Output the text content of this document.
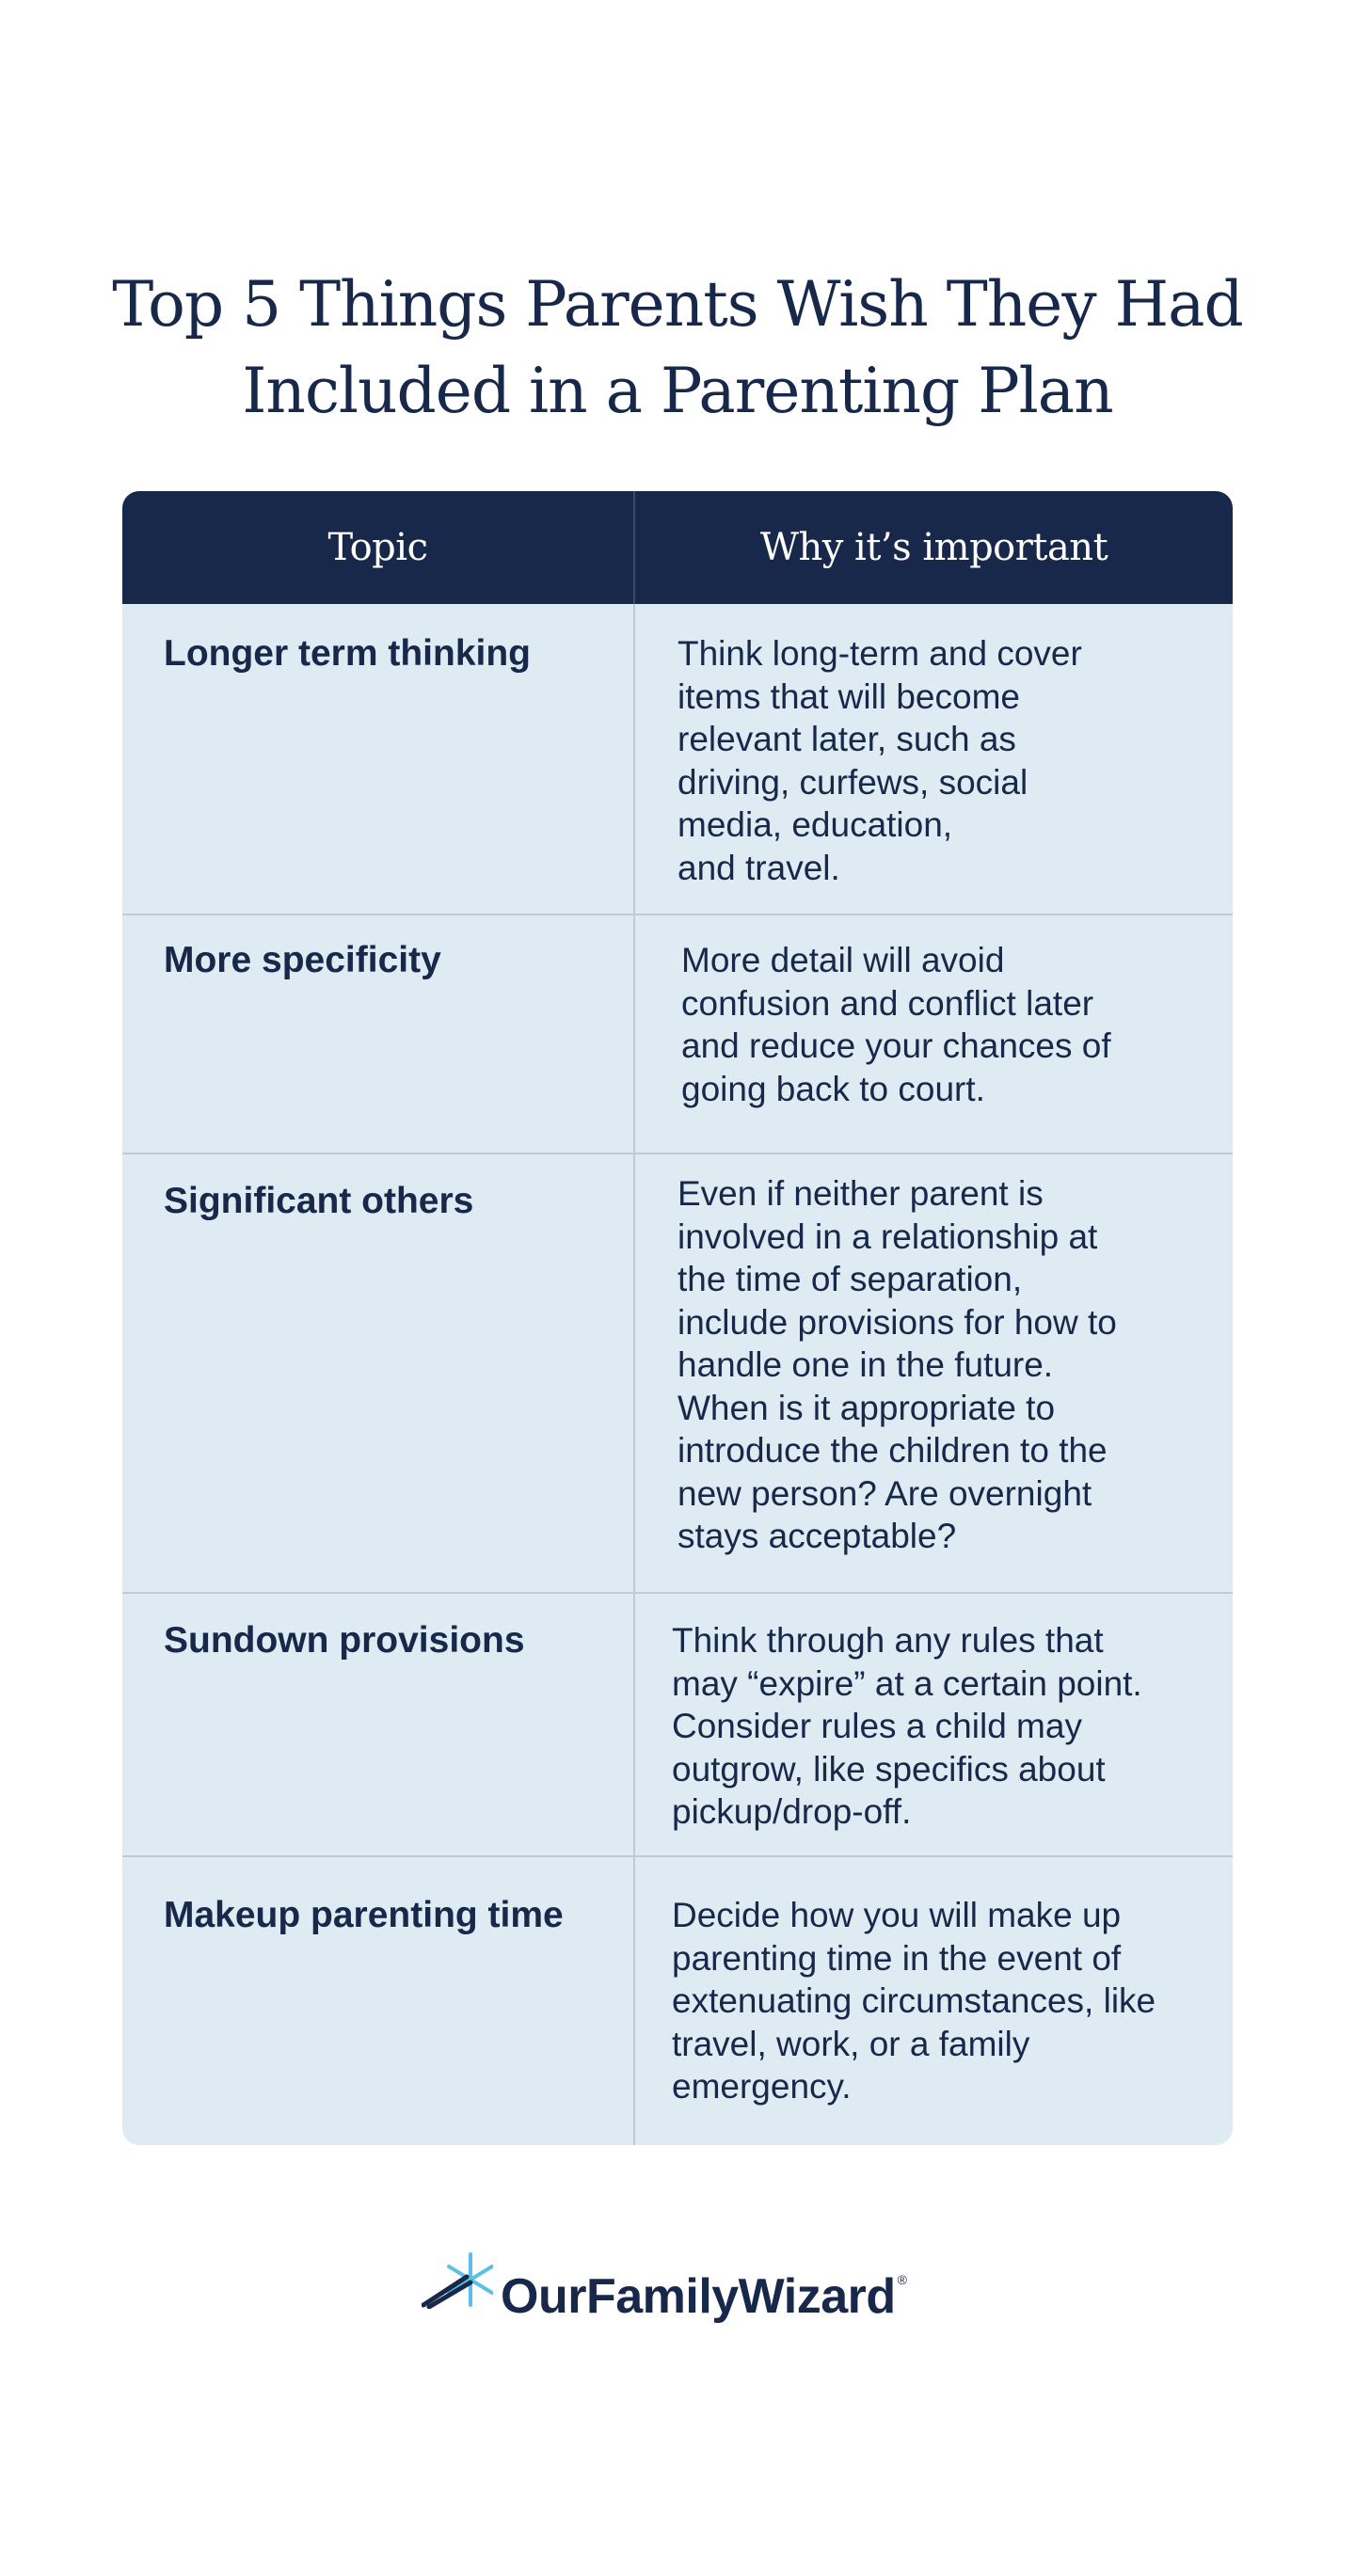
Top 5 Things Parents Wish They Had
Included in a Parenting Plan
Topic	Why it’s important
Longer term thinking	Think long-term and cover
items that will become
relevant later, such as
driving, curfews, social
media, education,
and travel.
More specificity	More detail will avoid
confusion and conflict later
and reduce your chances of
going back to court.
Significant others	Even if neither parent is
involved in a relationship at
the time of separation,
include provisions for how to
handle one in the future.
When is it appropriate to
introduce the children to the
new person? Are overnight
stays acceptable?
Sundown provisions	Think through any rules that
may “expire” at a certain point.
Consider rules a child may
outgrow, like specifics about
pickup/drop-off.
Makeup parenting time	Decide how you will make up
parenting time in the event of
extenuating circumstances, like
travel, work, or a family
emergency.
OurFamilyWizard ®
